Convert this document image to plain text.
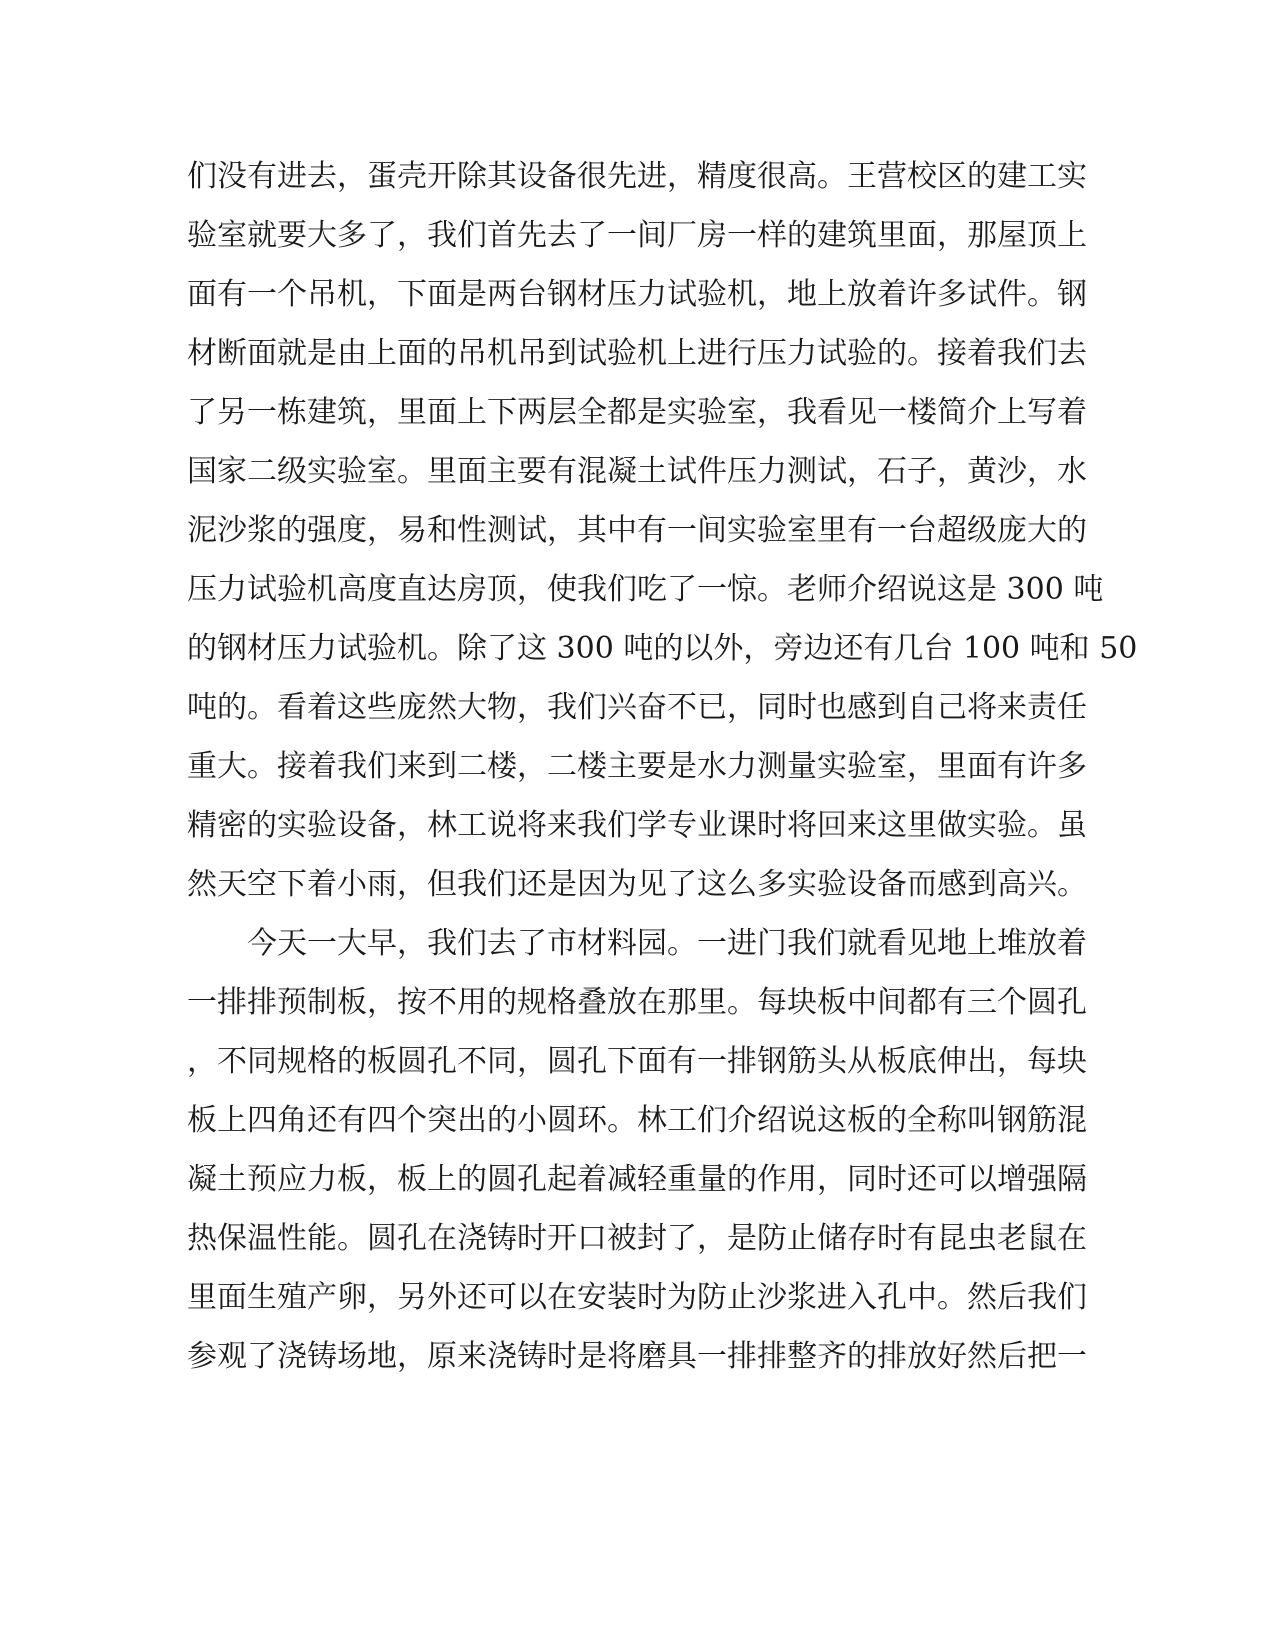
们没有进去，蛋壳开除其设备很先进，精度很高。王营校区的建工实
验室就要大多了，我们首先去了一间厂房一样的建筑里面，那屋顶上
面有一个吊机，下面是两台钢材压力试验机，地上放着许多试件。钢
材断面就是由上面的吊机吊到试验机上进行压力试验的。接着我们去
了另一栋建筑，里面上下两层全都是实验室，我看见一楼简介上写着
国家二级实验室。里面主要有混凝土试件压力测试，石子，黄沙，水
泥沙浆的强度，易和性测试，其中有一间实验室里有一台超级庞大的
压力试验机高度直达房顶，使我们吃了一惊。老师介绍说这是 300 吨
的钢材压力试验机。除了这 300 吨的以外，旁边还有几台 100 吨和 50
吨的。看着这些庞然大物，我们兴奋不已，同时也感到自己将来责任
重大。接着我们来到二楼，二楼主要是水力测量实验室，里面有许多
精密的实验设备，林工说将来我们学专业课时将回来这里做实验。虽
然天空下着小雨，但我们还是因为见了这么多实验设备而感到高兴。
　　今天一大早，我们去了市材料园。一进门我们就看见地上堆放着
一排排预制板，按不用的规格叠放在那里。每块板中间都有三个圆孔
，不同规格的板圆孔不同，圆孔下面有一排钢筋头从板底伸出，每块
板上四角还有四个突出的小圆环。林工们介绍说这板的全称叫钢筋混
凝土预应力板，板上的圆孔起着减轻重量的作用，同时还可以增强隔
热保温性能。圆孔在浇铸时开口被封了，是防止储存时有昆虫老鼠在
里面生殖产卵，另外还可以在安装时为防止沙浆进入孔中。然后我们
参观了浇铸场地，原来浇铸时是将磨具一排排整齐的排放好然后把一
